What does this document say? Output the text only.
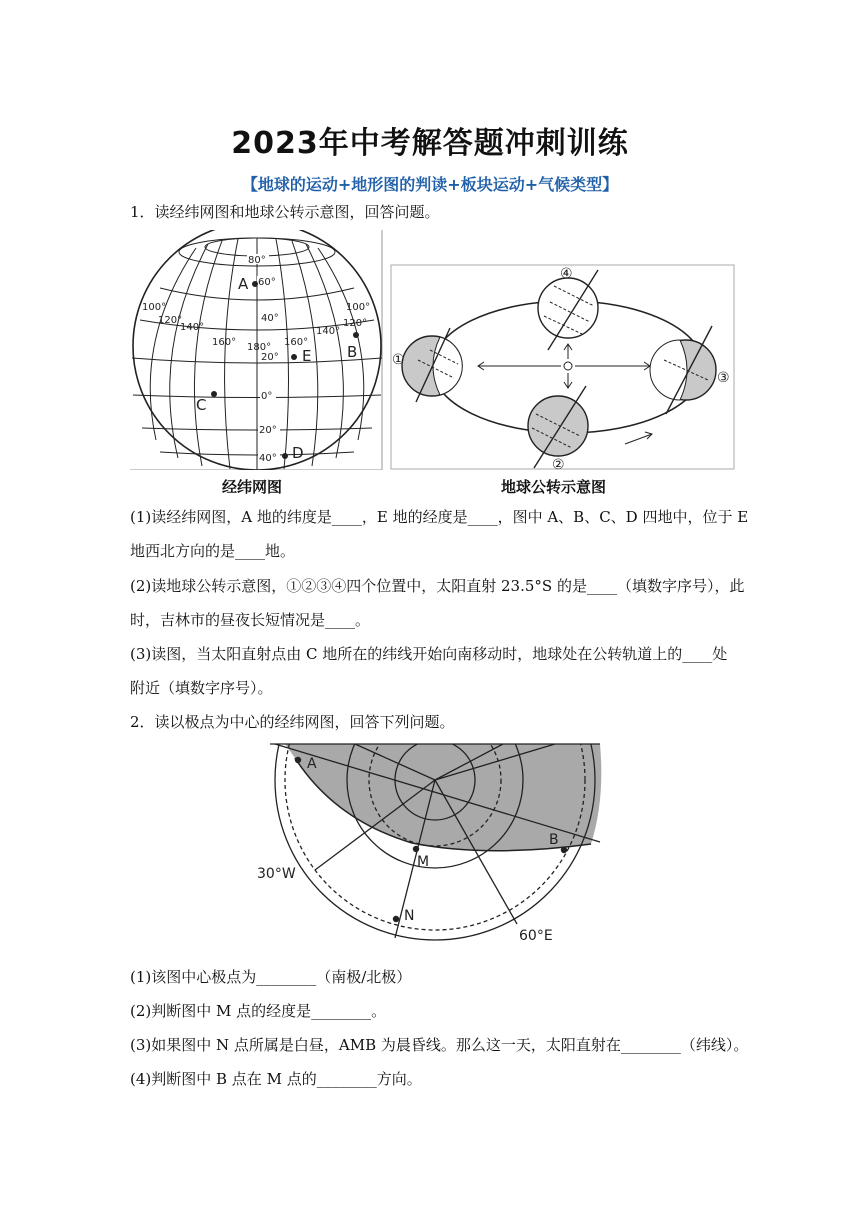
2023年中考解答题冲刺训练
【地球的运动+地形图的判读+板块运动+气候类型】
1．读经纬网图和地球公转示意图，回答问题。
80°
60°
40°
20°
0°
20°
40°
100°
120°
140°
160° 180° 160°
140°
120°
100°
A
B
C
D
E	①
②
③
④
经纬网图	地球公转示意图
(1)读经纬网图，A 地的纬度是____，E 地的经度是____，图中 A、B、C、D 四地中，位于 E
地西北方向的是____地。
(2)读地球公转示意图，①②③④四个位置中，太阳直射 23.5°S 的是____（填数字序号），此
时，吉林市的昼夜长短情况是____。
(3)读图，当太阳直射点由 C 地所在的纬线开始向南移动时，地球处在公转轨道上的____处
附近（填数字序号）。
2．读以极点为中心的经纬网图，回答下列问题。
A
B
M
N
30°W
60°E
(1)该图中心极点为________（南极/北极）
(2)判断图中 M 点的经度是________。
(3)如果图中 N 点所属是白昼，AMB 为晨昏线。那么这一天，太阳直射在________（纬线）。
(4)判断图中 B 点在 M 点的________方向。
